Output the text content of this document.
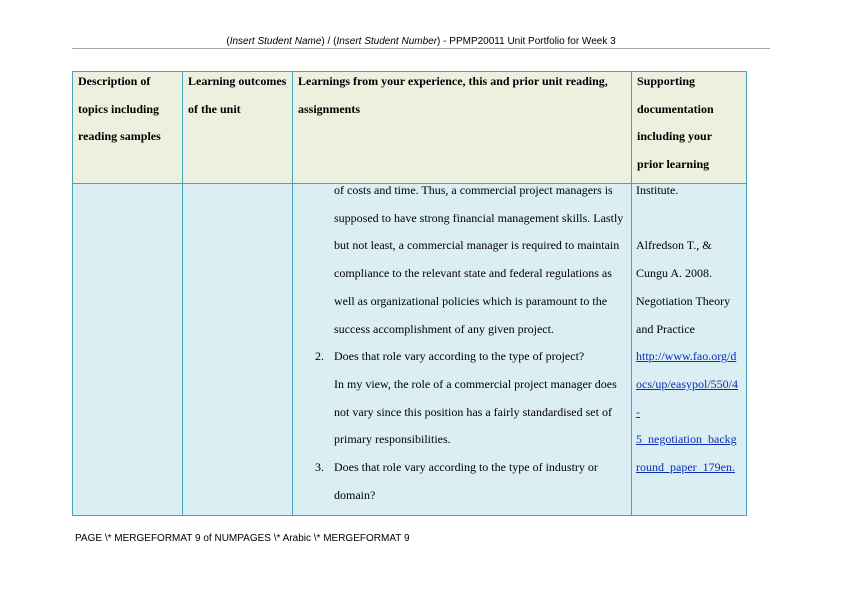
(Insert Student Name) / (Insert Student Number) - PPMP20011 Unit Portfolio for Week 3
Description of
topics including
reading samples
Learning outcomes
of the unit
Learnings from your experience, this and prior unit reading,
assignments
Supporting
documentation
including your
prior learning

of costs and time. Thus, a commercial project managers is

supposed to have strong financial management skills. Lastly

but not least, a commercial manager is required to maintain

compliance to the relevant state and federal regulations as

well as organizational policies which is paramount to the

success accomplishment of any given project.

Does that role vary according to the type of project?

In my view, the role of a commercial project manager does

not vary since this position has a fairly standardised set of

primary responsibilities.

Does that role vary according to the type of industry or

domain?

2.
3.

Institute.

Alfredson T., &

Cungu A. 2008.

Negotiation Theory

and Practice

http://www.fao.org/d

ocs/up/easypol/550/4

-

5_negotiation_backg

round_paper_179en.

PAGE \* MERGEFORMAT 9 of NUMPAGES \* Arabic \* MERGEFORMAT 9
